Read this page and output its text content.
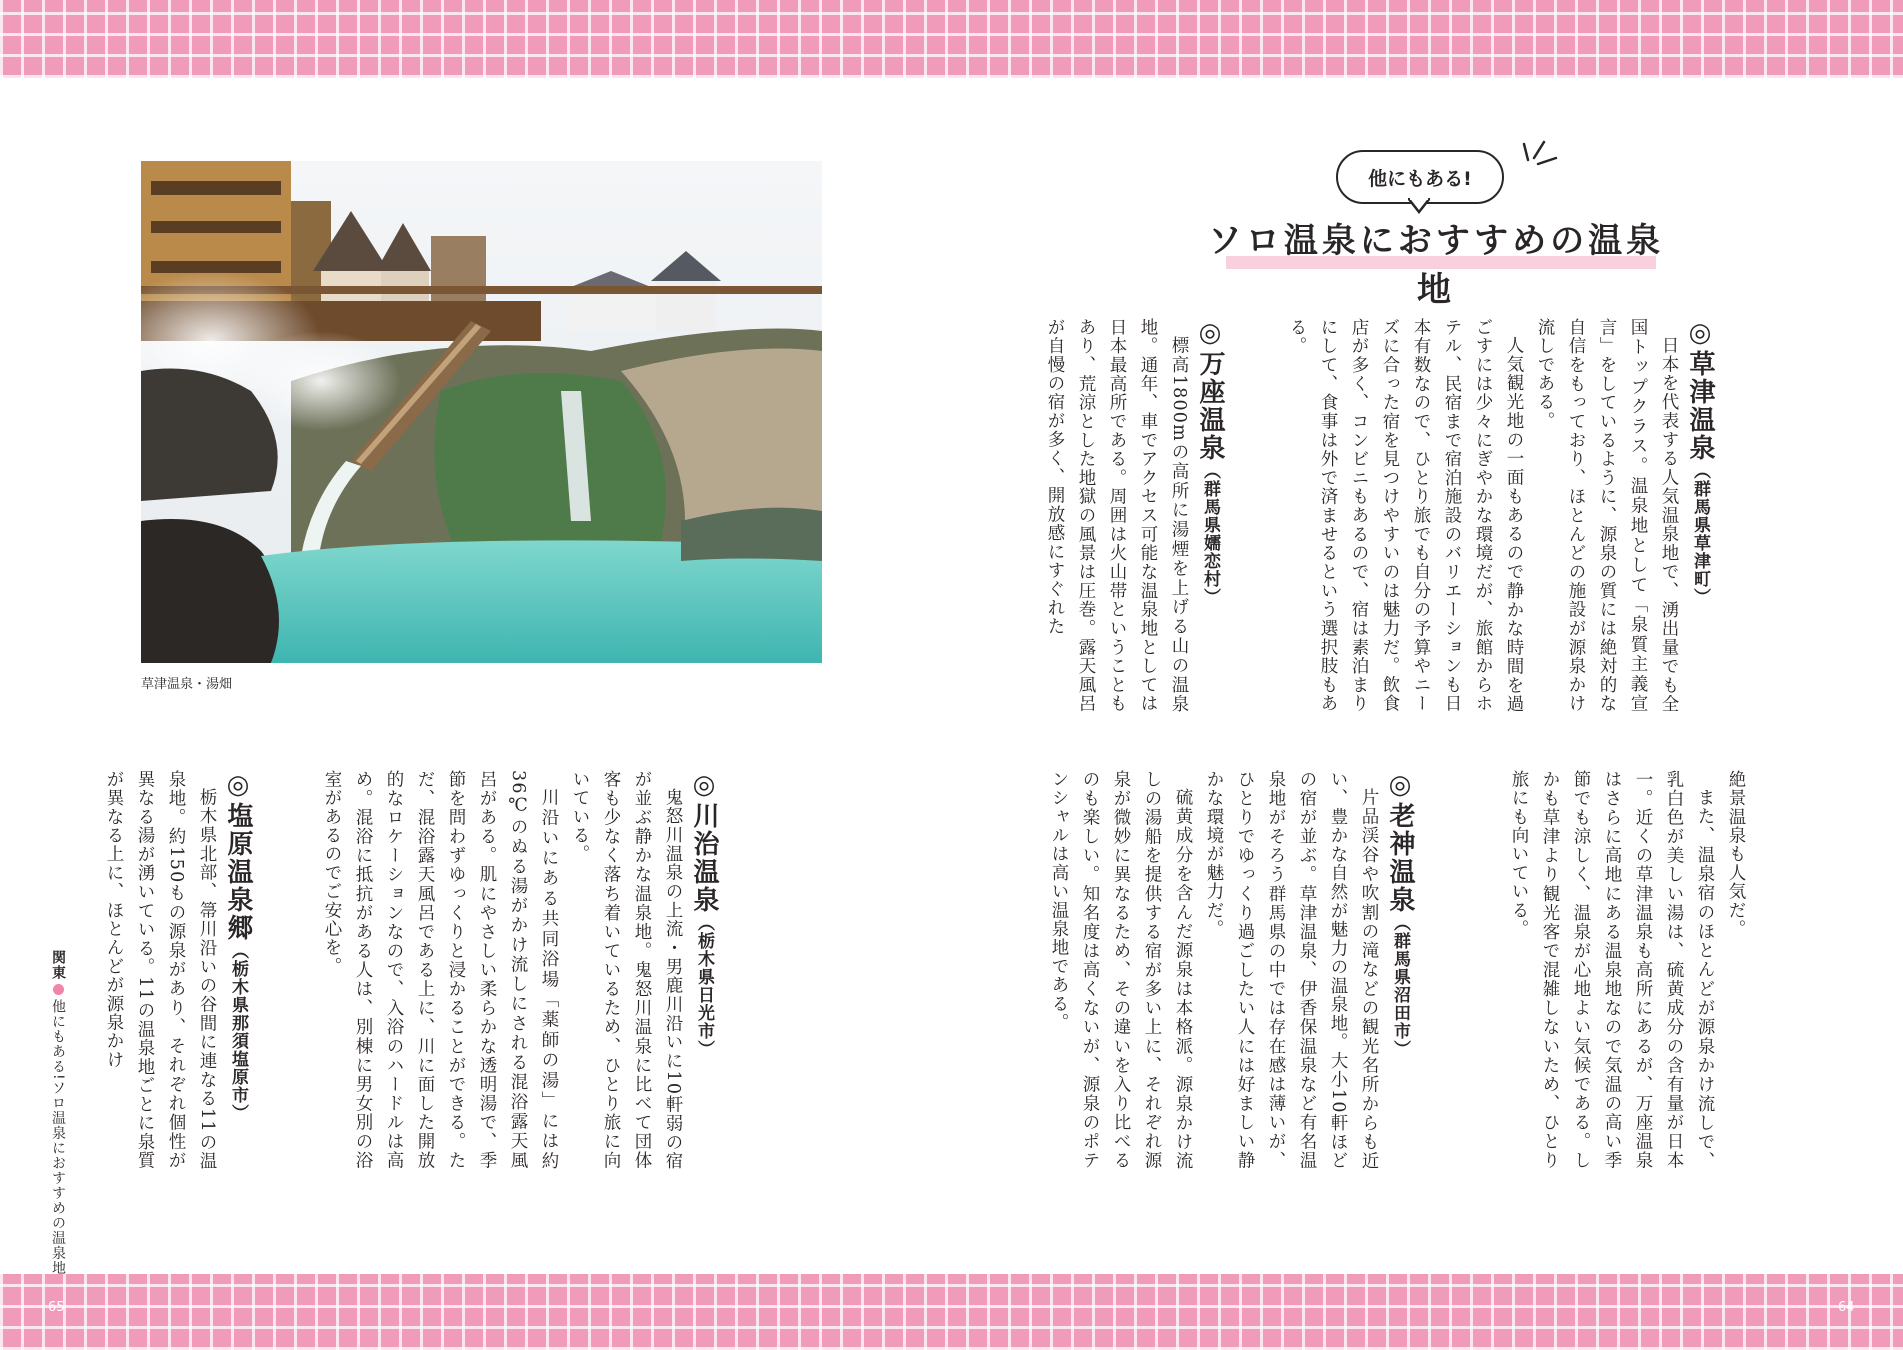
65	64
草津温泉・湯畑
他にもある!
ソロ温泉におすすめの温泉地
◎草津温泉（群馬県草津町）

日本を代表する人気温泉地で、湧出量でも全国トップクラス。温泉地として「泉質主義宣言」をしているように、源泉の質には絶対的な自信をもっており、ほとんどの施設が源泉かけ流しである。

人気観光地の一面もあるので静かな時間を過ごすには少々にぎやかな環境だが、旅館からホテル、民宿まで宿泊施設のバリエーションも日本有数なので、ひとり旅でも自分の予算やニーズに合った宿を見つけやすいのは魅力だ。飲食店が多く、コンビニもあるので、宿は素泊まりにして、食事は外で済ませるという選択肢もある。

◎万座温泉（群馬県嬬恋村）

標高1800mの高所に湯煙を上げる山の温泉地。通年、車でアクセス可能な温泉地としては日本最高所である。周囲は火山帯ということもあり、荒涼とした地獄の風景は圧巻。露天風呂が自慢の宿が多く、開放感にすぐれた

絶景温泉も人気だ。

また、温泉宿のほとんどが源泉かけ流しで、乳白色が美しい湯は、硫黄成分の含有量が日本一。近くの草津温泉も高所にあるが、万座温泉はさらに高地にある温泉地なので気温の高い季節でも涼しく、温泉が心地よい気候である。しかも草津より観光客で混雑しないため、ひとり旅にも向いている。

◎老神温泉（群馬県沼田市）

片品渓谷や吹割の滝などの観光名所からも近い、豊かな自然が魅力の温泉地。大小10軒ほどの宿が並ぶ。草津温泉、伊香保温泉など有名温泉地がそろう群馬県の中では存在感は薄いが、ひとりでゆっくり過ごしたい人には好ましい静かな環境が魅力だ。

硫黄成分を含んだ源泉は本格派。源泉かけ流しの湯船を提供する宿が多い上に、それぞれ源泉が微妙に異なるため、その違いを入り比べるのも楽しい。知名度は高くないが、源泉のポテンシャルは高い温泉地である。

◎川治温泉（栃木県日光市）

鬼怒川温泉の上流・男鹿川沿いに10軒弱の宿が並ぶ静かな温泉地。鬼怒川温泉に比べて団体客も少なく落ち着いているため、ひとり旅に向いている。

川沿いにある共同浴場「薬師の湯」には約36℃のぬる湯がかけ流しにされる混浴露天風呂がある。肌にやさしい柔らかな透明湯で、季節を問わずゆっくりと浸かることができる。ただ、混浴露天風呂である上に、川に面した開放的なロケーションなので、入浴のハードルは高め。混浴に抵抗がある人は、別棟に男女別の浴室があるのでご安心を。

◎塩原温泉郷（栃木県那須塩原市）

栃木県北部、箒川沿いの谷間に連なる11の温泉地。約150もの源泉があり、それぞれ個性が異なる湯が湧いている。11の温泉地ごとに泉質が異なる上に、ほとんどが源泉かけ

関東
他にもある!ソロ温泉におすすめの温泉地
